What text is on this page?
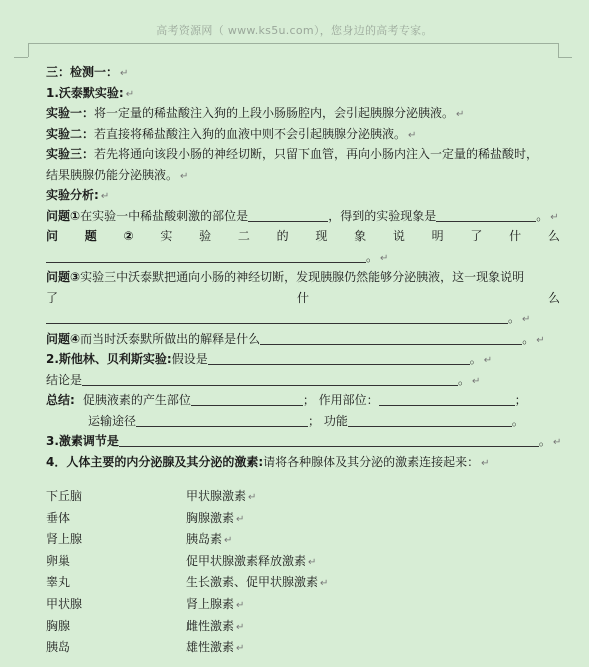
高考资源网（ www.ks5u.com），您身边的高考专家。
三：检测一： ↵
1.沃泰默实验: ↵
实验一：将一定量的稀盐酸注入狗的上段小肠肠腔内，会引起胰腺分泌胰液。 ↵
实验二：若直接将稀盐酸注入狗的血液中则不会引起胰腺分泌胰液。 ↵
实验三：若先将通向该段小肠的神经切断，只留下血管，再向小肠内注入一定量的稀盐酸时，
结果胰腺仍能分泌胰液。 ↵
实验分析: ↵
问题①在实验一中稀盐酸刺激的部位是	，得到的实验现象是	。 ↵
问 题 ② 实 验 二 的 现 象 说 明 了 什 么
。 ↵
问题③实验三中沃泰默把通向小肠的神经切断，发现胰腺仍然能够分泌胰液，这一现象说明
了	什	么
。 ↵
问题④而当时沃泰默所做出的解释是什么	。 ↵
2.斯他林、贝利斯实验:假设是	。 ↵
结论是	。 ↵
总结: 促胰液素的产生部位	； 作用部位：	；
运输途径	； 功能	。
3.激素调节是	。 ↵
4．人体主要的内分泌腺及其分泌的激素:请将各种腺体及其分泌的激素连接起来： ↵
下丘脑	甲状腺激素 ↵
垂体	胸腺激素 ↵
肾上腺	胰岛素 ↵
卵巢	促甲状腺激素释放激素 ↵
睾丸	生长激素、促甲状腺激素 ↵
甲状腺	肾上腺素 ↵
胸腺	雌性激素 ↵
胰岛	雄性激素 ↵
